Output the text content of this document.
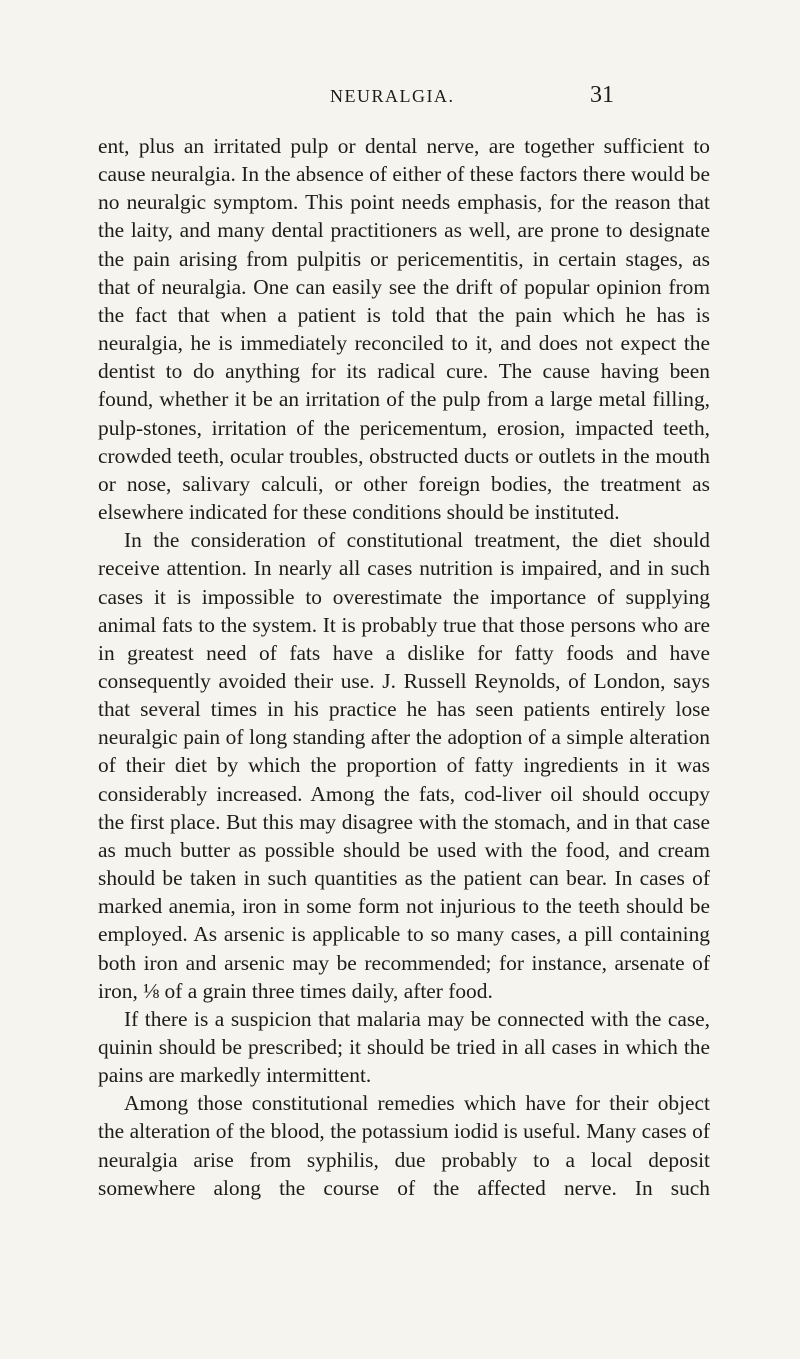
NEURALGIA.	31

ent, plus an irritated pulp or dental nerve, are together sufficient to cause neuralgia. In the absence of either of these factors there would be no neuralgic symptom. This point needs emphasis, for the reason that the laity, and many dental practitioners as well, are prone to designate the pain arising from pulpitis or pericementitis, in certain stages, as that of neuralgia. One can easily see the drift of popular opinion from the fact that when a patient is told that the pain which he has is neuralgia, he is immediately reconciled to it, and does not expect the dentist to do anything for its radical cure. The cause having been found, whether it be an irritation of the pulp from a large metal filling, pulp-stones, irritation of the pericementum, erosion, impacted teeth, crowded teeth, ocular troubles, obstructed ducts or outlets in the mouth or nose, salivary calculi, or other foreign bodies, the treatment as elsewhere indicated for these conditions should be instituted.

In the consideration of constitutional treatment, the diet should receive attention. In nearly all cases nutrition is impaired, and in such cases it is impossible to overestimate the importance of supplying animal fats to the system. It is probably true that those persons who are in greatest need of fats have a dislike for fatty foods and have consequently avoided their use. J. Russell Reynolds, of London, says that several times in his practice he has seen patients entirely lose neuralgic pain of long standing after the adoption of a simple alteration of their diet by which the proportion of fatty ingredients in it was considerably increased. Among the fats, cod-liver oil should occupy the first place. But this may disagree with the stomach, and in that case as much butter as possible should be used with the food, and cream should be taken in such quantities as the patient can bear. In cases of marked anemia, iron in some form not injurious to the teeth should be employed. As arsenic is applicable to so many cases, a pill containing both iron and arsenic may be recommended; for instance, arsenate of iron, ⅛ of a grain three times daily, after food.

If there is a suspicion that malaria may be connected with the case, quinin should be prescribed; it should be tried in all cases in which the pains are markedly intermittent.

Among those constitutional remedies which have for their object the alteration of the blood, the potassium iodid is useful. Many cases of neuralgia arise from syphilis, due probably to a local deposit somewhere along the course of the affected nerve. In such
